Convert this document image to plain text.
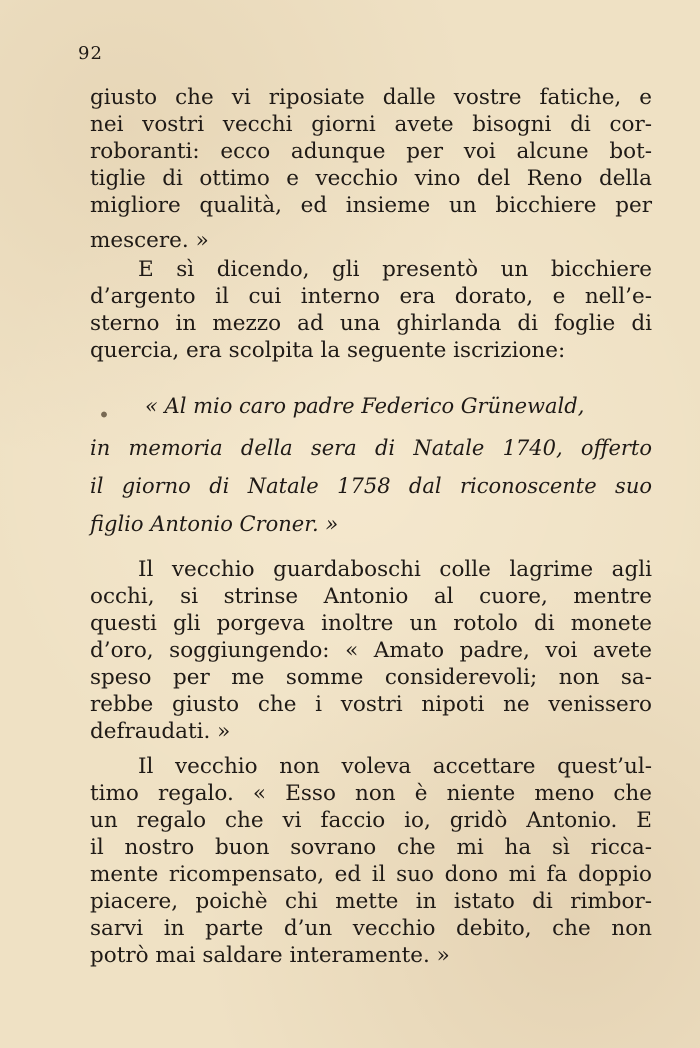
92
giusto che vi riposiate dalle vostre fatiche, e
nei vostri vecchi giorni avete bisogni di cor-
roboranti: ecco adunque per voi alcune bot-
tiglie di ottimo e vecchio vino del Reno della
migliore qualità, ed insieme un bicchiere per
mescere. »
E sì dicendo, gli presentò un bicchiere
d’argento il cui interno era dorato, e nell’e-
sterno in mezzo ad una ghirlanda di foglie di
quercia, era scolpita la seguente iscrizione:
« Al mio caro padre Federico Grünewald,
in memoria della sera di Natale 1740, offerto
il giorno di Natale 1758 dal riconoscente suo
figlio Antonio Croner. »
Il vecchio guardaboschi colle lagrime agli
occhi, si strinse Antonio al cuore, mentre
questi gli porgeva inoltre un rotolo di monete
d’oro, soggiungendo: « Amato padre, voi avete
speso per me somme considerevoli; non sa-
rebbe giusto che i vostri nipoti ne venissero
defraudati. »
Il vecchio non voleva accettare quest’ul-
timo regalo. « Esso non è niente meno che
un regalo che vi faccio io, gridò Antonio. E
il nostro buon sovrano che mi ha sì ricca-
mente ricompensato, ed il suo dono mi fa doppio
piacere, poichè chi mette in istato di rimbor-
sarvi in parte d’un vecchio debito, che non
potrò mai saldare interamente. »
